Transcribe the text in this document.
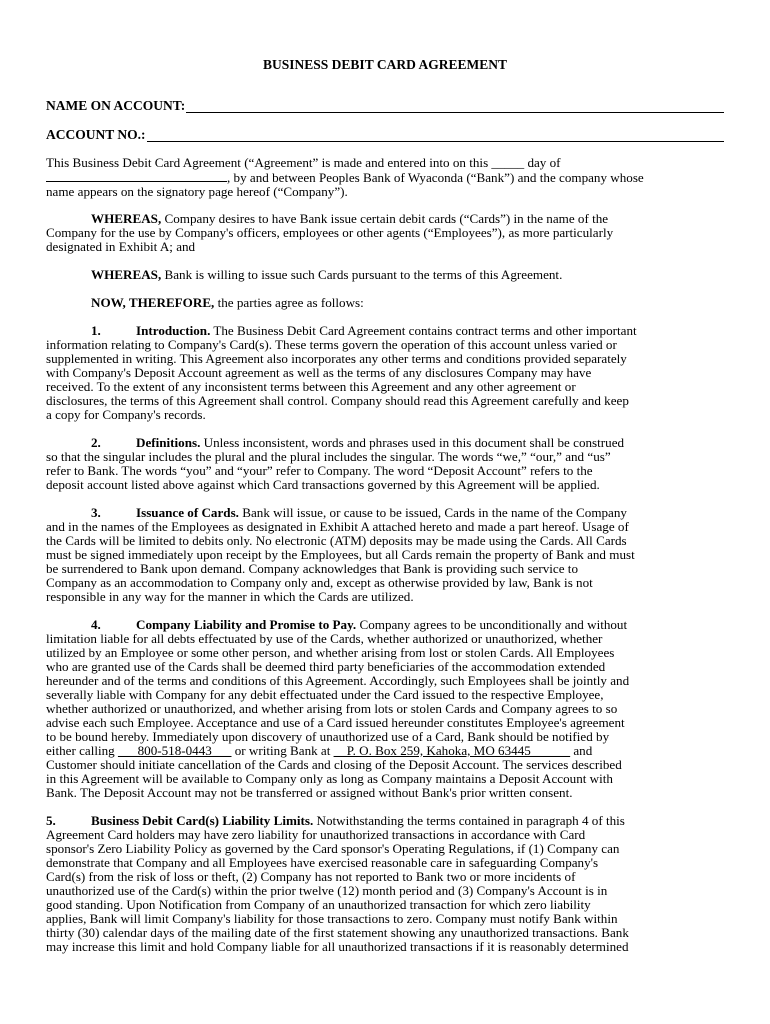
BUSINESS DEBIT CARD AGREEMENT
NAME ON ACCOUNT:
ACCOUNT NO.:
This Business Debit Card Agreement (“Agreement” is made and entered into on this _____ day of
, by and between Peoples Bank of Wyaconda (“Bank”) and the company whose
name appears on the signatory page hereof (“Company”).
WHEREAS, Company desires to have Bank issue certain debit cards (“Cards”) in the name of the
Company for the use by Company's officers, employees or other agents (“Employees”), as more particularly
designated in Exhibit A; and
WHEREAS, Bank is willing to issue such Cards pursuant to the terms of this Agreement.
NOW, THEREFORE, the parties agree as follows:
1.	Introduction. The Business Debit Card Agreement contains contract terms and other important
information relating to Company's Card(s). These terms govern the operation of this account unless varied or
supplemented in writing. This Agreement also incorporates any other terms and conditions provided separately
with Company's Deposit Account agreement as well as the terms of any disclosures Company may have
received. To the extent of any inconsistent terms between this Agreement and any other agreement or
disclosures, the terms of this Agreement shall control. Company should read this Agreement carefully and keep
a copy for Company's records.
2.	Definitions. Unless inconsistent, words and phrases used in this document shall be construed
so that the singular includes the plural and the plural includes the singular. The words “we,” “our,” and “us”
refer to Bank. The words “you” and “your” refer to Company. The word “Deposit Account” refers to the
deposit account listed above against which Card transactions governed by this Agreement will be applied.
3.	Issuance of Cards. Bank will issue, or cause to be issued, Cards in the name of the Company
and in the names of the Employees as designated in Exhibit A attached hereto and made a part hereof. Usage of
the Cards will be limited to debits only. No electronic (ATM) deposits may be made using the Cards. All Cards
must be signed immediately upon receipt by the Employees, but all Cards remain the property of Bank and must
be surrendered to Bank upon demand. Company acknowledges that Bank is providing such service to
Company as an accommodation to Company only and, except as otherwise provided by law, Bank is not
responsible in any way for the manner in which the Cards are utilized.
4.	Company Liability and Promise to Pay. Company agrees to be unconditionally and without
limitation liable for all debts effectuated by use of the Cards, whether authorized or unauthorized, whether
utilized by an Employee or some other person, and whether arising from lost or stolen Cards. All Employees
who are granted use of the Cards shall be deemed third party beneficiaries of the accommodation extended
hereunder and of the terms and conditions of this Agreement. Accordingly, such Employees shall be jointly and
severally liable with Company for any debit effectuated under the Card issued to the respective Employee,
whether authorized or unauthorized, and whether arising from lots or stolen Cards and Company agrees to so
advise each such Employee. Acceptance and use of a Card issued hereunder constitutes Employee's agreement
to be bound hereby. Immediately upon discovery of unauthorized use of a Card, Bank should be notified by
either calling ___800-518-0443___ or writing Bank at __P. O. Box 259, Kahoka, MO 63445______ and
Customer should initiate cancellation of the Cards and closing of the Deposit Account. The services described
in this Agreement will be available to Company only as long as Company maintains a Deposit Account with
Bank. The Deposit Account may not be transferred or assigned without Bank's prior written consent.
5.	Business Debit Card(s) Liability Limits. Notwithstanding the terms contained in paragraph 4 of this
Agreement Card holders may have zero liability for unauthorized transactions in accordance with Card
sponsor's Zero Liability Policy as governed by the Card sponsor's Operating Regulations, if (1) Company can
demonstrate that Company and all Employees have exercised reasonable care in safeguarding Company's
Card(s) from the risk of loss or theft, (2) Company has not reported to Bank two or more incidents of
unauthorized use of the Card(s) within the prior twelve (12) month period and (3) Company's Account is in
good standing. Upon Notification from Company of an unauthorized transaction for which zero liability
applies, Bank will limit Company's liability for those transactions to zero. Company must notify Bank within
thirty (30) calendar days of the mailing date of the first statement showing any unauthorized transactions. Bank
may increase this limit and hold Company liable for all unauthorized transactions if it is reasonably determined
